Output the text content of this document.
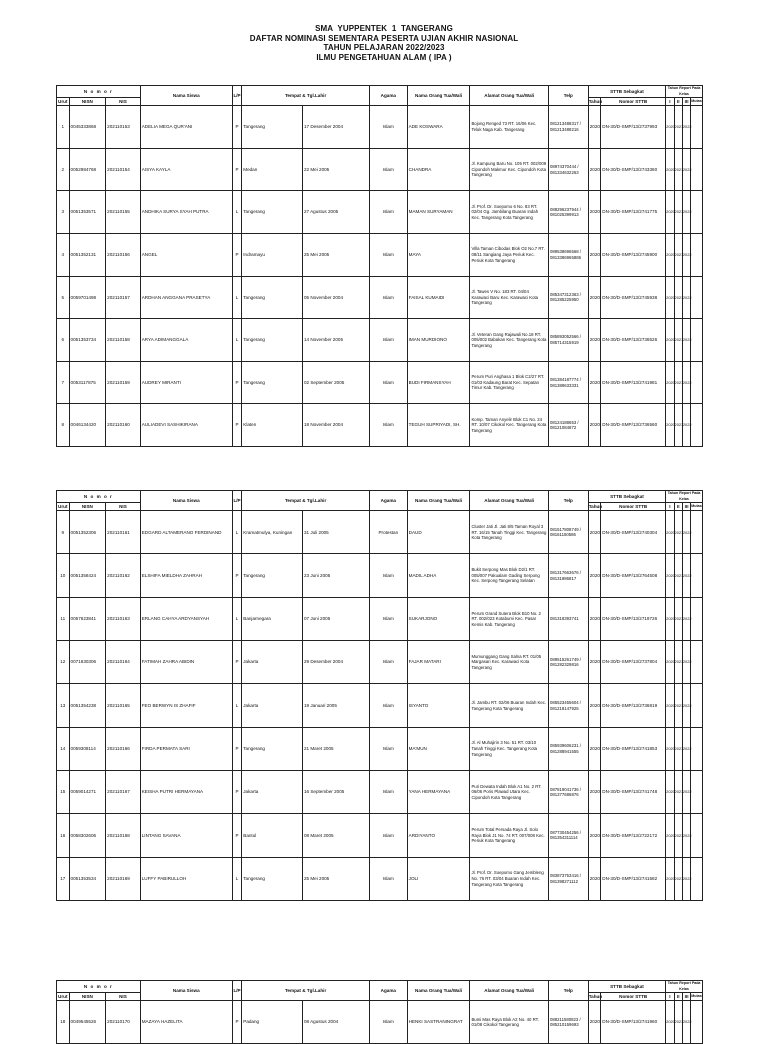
SMA  YUPPENTEK  1  TANGERANG
DAFTAR NOMINASI SEMENTARA PESERTA UJIAN AKHIR NASIONAL
TAHUN PELAJARAN 2022/2023
ILMU PENGETAHUAN ALAM ( IPA )
N o m o r			Nama Siswa	L/P	Tempat & Tgl.Lahir		Agama	Nama Orang Tua/Wali	Alamat Orang Tua/Wali	Telp	STTB Sebagkat		Tahun Report Pada Kelas			
Urut	NISN	NIS									Tahun	Nomor STTB	I	II	III	Mutasi
1	0045333868	202110153	ADELIA MEGA QUR'ANI	P	Tangerang	17 Desember 2004	Islam	ADE KOSWARA	Bojong Renged 73 RT. 16/06 Kec. Teluk Naga Kab. Tangerang	081213488317 / 081213488216	2020	DN-30/D-SMP/13/2737993	2020	2021	2022	
2	0052984768	202110154	AISYA KAYLA	P	Medan	22 Mei 2005	Islam	CHANDRA	Jl. Kampung Baru No. 105 RT. 002/009 Cipondoh Makmur Kec. Cipondoh Kota Tangerang	08974370444 / 081334632263	2020	DN-30/D-SMP/13/2743360	2020	2021	2022	
3	0051353571	202110155	ANDHIKA SURYA SYAH PUTRA	L	Tangerang	27 Agustus 2005	Islam	MAMAN SURYAMAN	Jl. Prof. Dr. Soepomo 6 No. 83 RT. 02/04 Gg. Jambilang Buaran Indah Kec. Tangerang Kota Tangerang	088296237944 / 081025399913	2020	DN-30/D-SMP/13/2741775	2020	2021	2022	
4	0051352131	202110156	ANGEL	P	Indramayu	25 Mei 2005	Islam	MAYA	Villa Taman Cibodas Blok O2 No.7 RT. 08/11 Sangiang Jaya Periuk Kec. Periuk Kota Tangerang	089538696568 / 0813386965886	2020	DN-30/D-SMP/13/2745900	2020	2021	2022	
5	0059701498	202110157	ARDHAN ANGGANA PRASETYA	L	Tangerang	05 November 2004	Islam	FAISAL KUMAIDI	Jl. Tawes V No. 183 RT. 04/04 Karawaci Baru Kec. Karawaci Kota Tangerang	085347312363 / 081285225950	2020	DN-30/D-SMP/13/2745938	2020	2021	2022	
6	0051353734	202110158	ARYA ADIMANGGALA	L	Tangerang	14 November 2005	Islam	IMAN MURDIONO	Jl. Veteran Gang Rajawali No.18 RT. 005/002 Babakan Kec. Tangerang Kota Tangerang	085893052566 / 085714315919	2020	DN-30/D-SMP/13/2736526	2020	2021	2022	
7	0053117875	202110159	AUDREY MIRANTI	P	Tangerang	02 September 2005	Islam	BUDI FIRMANSYAH	Perum Puri Anghasa 1 Blok C2/27 RT. 01/03 Kadaung Barat Kec. Sepatan Timur Kab. Tangerang	081384187774 / 081389633331	2020	DN-30/D-SMP/13/2741981	2020	2021	2022	
8	0046134420	202110160	AULIADEVI SASHIKIRANA	P	Klaten	18 November 2004	Islam	TEGUH SUPRIYADI, SH.	Komp. Taman Anyelir Blok C1 No. 24 RT. 10/07 Cikokol Kec. Tangerang Kota Tangerang	08124188653 / 08121084872	2020	DN-30/D-SMP/13/2736560	2020	2021	2022	
N o m o r			Nama Siswa	L/P	Tempat & Tgl.Lahir		Agama	Nama Orang Tua/Wali	Alamat Orang Tua/Wali	Telp	STTB Sebagkat		Tahun Report Pada Kelas			
Urut	NISN	NIS									Tahun	Nomor STTB	I	II	III	Mutasi
9	0051352306	202110161	EDGARD ALTAMERANO FERDINAND	L	Kramatmulya, Kuningan	31 Juli 2005	Protestan	DAUD	Cluster Jati Jl. Jati 8/5 Taman Royal 3 RT. 16/15 Tanah Tinggi Kec. Tangerang Kota Tangerang	081517808749 / 08161150586	2020	DN-30/D-SMP/13/2740304	2020	2021	2022	
10	0051358424	202110162	ELSHIFA MIELDHA ZAHRAH	P	Tangerang	23 Juni 2005	Islam	MADIL ADHA	Bukit Serpong Mas Blok D2/1 RT. 005/007 Pakualam Gading Serpong Kec. Serpong Tangerang Selatan	081317663676 / 08131986817	2020	DN-30/D-SMP/13/2764508	2020	2021	2022	
11	0057623841	202110163	ERLANG CAHYA ARDYANSYAH	L	Banjarnegara	07 Juni 2005	Islam	SUKARJONO	Perum Grand Sutera Blok B10 No. 2 RT. 002/023 Kotabumi Kec. Pasar Kemis Kab. Tangerang	081318393741	2020	DN-30/D-SMP/13/2719726	2020	2021	2022	
12	0071630306	202110164	FATIMAH ZAHRA ABIDIN	P	Jakarta	29 Desember 2004	Islam	FAJAR MATARI	Mumunggang Gang Salna RT. 01/05 Margasari Kec. Karawaci Kota Tangerang	089515261749 / 081282329816	2020	DN-30/D-SMP/13/2737804	2020	2021	2022	
13	0051354238	202110165	FEO BERWYN IS ZHAFIF	L	Jakarta	19 Januari 2005	Islam	ISYANTO	Jl. Jambu RT. 02/06 Buaran Indah Kec. Tangerang Kota Tangerang	085523455604 / 081218147925	2020	DN-30/D-SMP/13/2736819	2020	2021	2022	
14	0059308114	202110166	FIRDA PERMATA SARI	P	Tangerang	21 Maret 2005	Islam	MA'MUN	Jl. Al Muhajirin 3 No. 51 RT. 03/10 Tanah Tinggi Kec. Tangerang Kota Tangerang	085939606231 / 081288941555	2020	DN-30/D-SMP/13/2741853	2020	2021	2022	
15	0059014271	202110167	KEISHA PUTRI HERMAYANA	P	Jakarta	16 September 2005	Islam	YANA HERMAYANA	Puri Dewata Indah Blok A1 No. 2 RT. 06/06 Poris Plawad Utara Kec. Cipondoh Kota Tangerang	087819041736 / 081377686876	2020	DN-30/D-SMP/13/2741748	2020	2021	2022	
16	0058302606	202110168	LINTANG SAVANA	P	Bantul	08 Maret 2005	Islam	ARDIYANTO	Perum Total Persada Raya Jl. Solo Raya Blok J1 No. 74 RT. 007/008 Kec. Periuk Kota Tangerang	087730454256 / 081354311114	2020	DN-30/D-SMP/13/2722172	2020	2021	2022	
17	0051353534	202110169	LUFFY PABIRULLOH	L	Tangerang	25 Mei 2005	Islam	JOLI	Jl. Prof. Dr. Soepomo Gang Jembleng No. 76 RT. 03/04 Buaran Indah Kec. Tangerang Kota Tangerang	083873753416 / 081398271112	2020	DN-30/D-SMP/13/2741582	2020	2021	2022	
N o m o r			Nama Siswa	L/P	Tempat & Tgl.Lahir		Agama	Nama Orang Tua/Wali	Alamat Orang Tua/Wali	Telp	STTB Sebagkat		Tahun Report Pada Kelas			
Urut	NISN	NIS									Tahun	Nomor STTB	I	II	III	Mutasi
18	0049545526	202110170	MAZAYA HAZELITA	P	Padang	08 Agustus 2004	Islam	HENKI SASTRANINGRAT	Bumi Mas Raya Blok A2 No. 40 RT. 01/08 Cikokol Tangerang	088211580823 / 085210159693	2020	DN-30/D-SMP/13/2741960	2020	2021	2022	
